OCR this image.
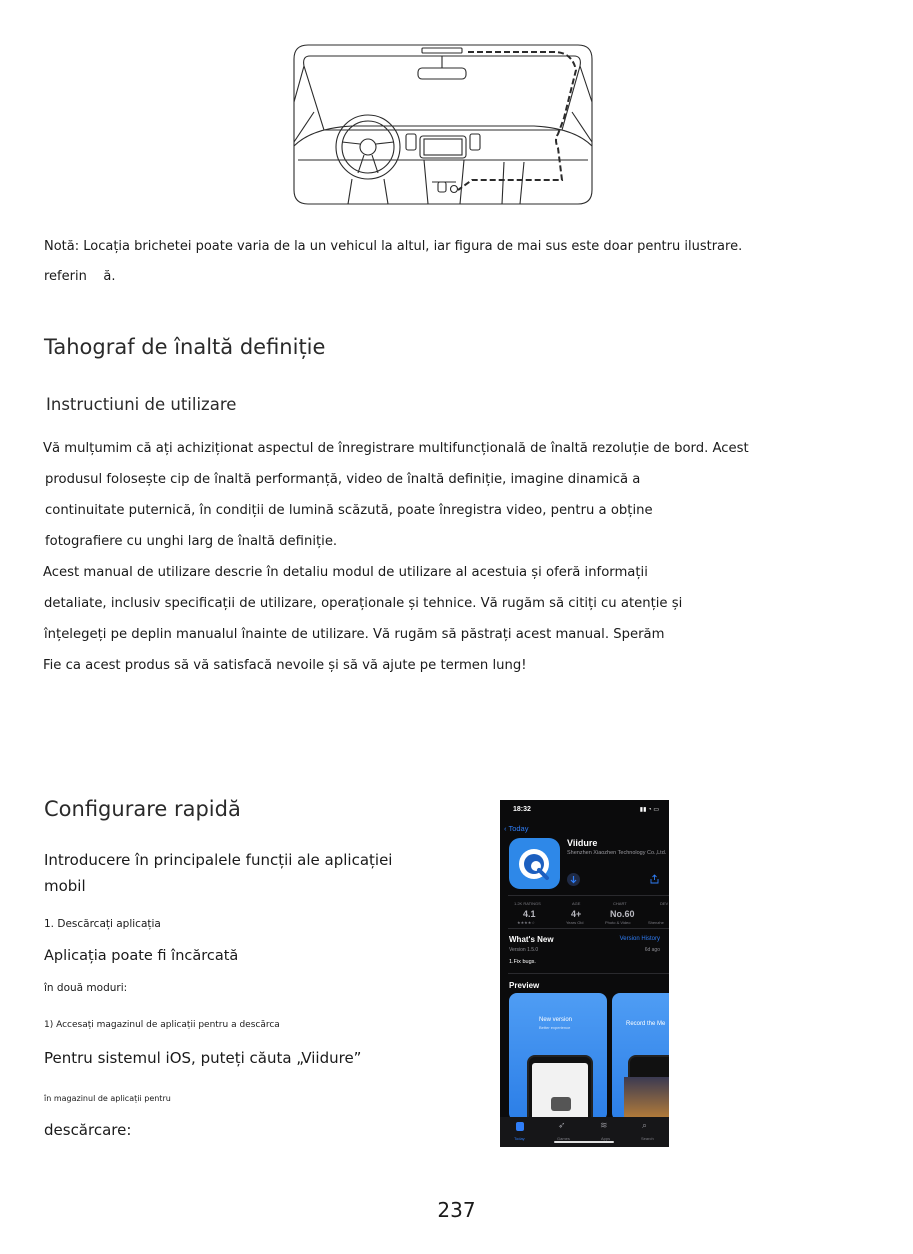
Notă: Locația brichetei poate varia de la un vehicul la altul, iar figura de mai sus este doar pentru ilustrare.
referin    ă.
Tahograf de înaltă definiție
Instructiuni de utilizare
Vă mulțumim că ați achiziționat aspectul de înregistrare multifuncțională de înaltă rezoluție de bord. Acest
produsul folosește cip de înaltă performanță, video de înaltă definiție, imagine dinamică a
continuitate puternică, în condiții de lumină scăzută, poate înregistra video, pentru a obține
fotografiere cu unghi larg de înaltă definiție.
Acest manual de utilizare descrie în detaliu modul de utilizare al acestuia și oferă informații
detaliate, inclusiv specificații de utilizare, operaționale și tehnice. Vă rugăm să citiți cu atenție și
înțelegeți pe deplin manualul înainte de utilizare. Vă rugăm să păstrați acest manual. Sperăm
Fie ca acest produs să vă satisfacă nevoile și să vă ajute pe termen lung!
Configurare rapidă
Introducere în principalele funcții ale aplicației
mobil
1. Descărcați aplicația
Aplicația poate fi încărcată
în două moduri:
1) Accesați magazinul de aplicații pentru a descărca
Pentru sistemul iOS, puteți căuta „Viidure”
în magazinul de aplicații pentru
descărcare:
18:32	▮▮ ◔ ▭
‹ Today
Viidure
Shenzhen Xiaozhen Technology Co.,Ltd.
1.2K RATINGS
4.1
★★★★☆
AGE
4+
Years Old
CHART
No.60
Photo & Video
DEV
Shenzhe
What's New	Version History
Version 1.5.0	6d ago
1.Fix bugs.
Preview
New version
Better experience
Record the Me
Today
➶
Games
≋
Apps
⌕
Search
237
